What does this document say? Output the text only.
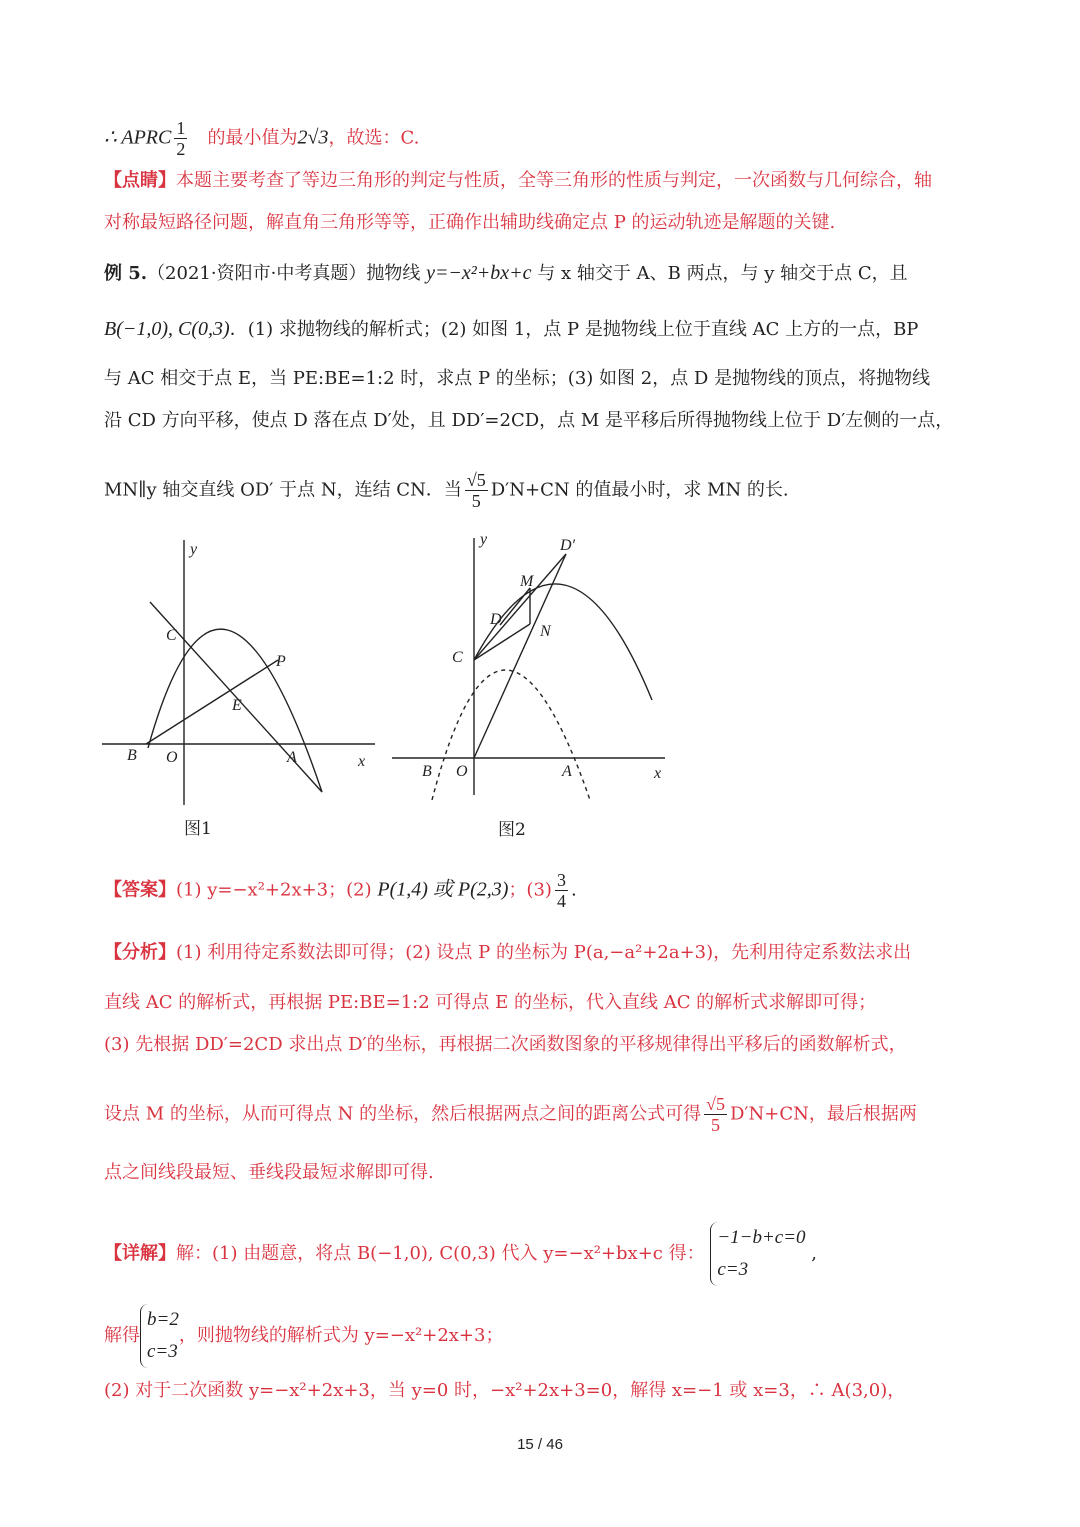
∴ APRC $\frac{1}{2}$ 的最小值为2√3，故选：C.
【点睛】本题主要考查了等边三角形的判定与性质，全等三角形的性质与判定，一次函数与几何综合，轴
对称最短路径问题，解直角三角形等等，正确作出辅助线确定点 P 的运动轨迹是解题的关键.
例 5.（2021·资阳市·中考真题）抛物线 y=−x²+bx+c 与 x 轴交于 A、B 两点，与 y 轴交于点 C，且
B(−1,0), C(0,3)．(1) 求抛物线的解析式；(2) 如图 1，点 P 是抛物线上位于直线 AC 上方的一点，BP
与 AC 相交于点 E，当 PE:BE=1:2 时，求点 P 的坐标；(3) 如图 2，点 D 是抛物线的顶点，将抛物线
沿 CD 方向平移，使点 D 落在点 D′处，且 DD′=2CD，点 M 是平移后所得抛物线上位于 D′左侧的一点，
MN∥y 轴交直线 OD′ 于点 N，连结 CN．当 $\frac{√5}{5} D'N+CN$ 的值最小时，求 MN 的长.
y
C
P
E
B O	A	x
图1
y	D′
M
D
N
C
B O	A	x
图2
【答案】(1) y=−x²+2x+3；(2) P(1,4) 或 P(2,3)；$(3) \frac{3}{4}$ .
【分析】(1) 利用待定系数法即可得；(2) 设点 P 的坐标为 P(a,−a²+2a+3)，先利用待定系数法求出
直线 AC 的解析式，再根据 PE:BE=1:2 可得点 E 的坐标，代入直线 AC 的解析式求解即可得；
(3) 先根据 DD′=2CD 求出点 D′的坐标，再根据二次函数图象的平移规律得出平移后的函数解析式，
设点 M 的坐标，从而可得点 N 的坐标，然后根据两点之间的距离公式可得 $\frac{√5}{5} D'N+CN$，最后根据两
点之间线段最短、垂线段最短求解即可得.
【详解】解：(1) 由题意，将点 B(−1,0), C(0,3) 代入 y=−x²+bx+c 得：
−1−b+c=0
c=3
,
解得
b=2
c=3
，则抛物线的解析式为 y=−x²+2x+3；
(2) 对于二次函数 y=−x²+2x+3，当 y=0 时，−x²+2x+3=0，解得 x=−1 或 x=3，∴ A(3,0)，
15 / 46
